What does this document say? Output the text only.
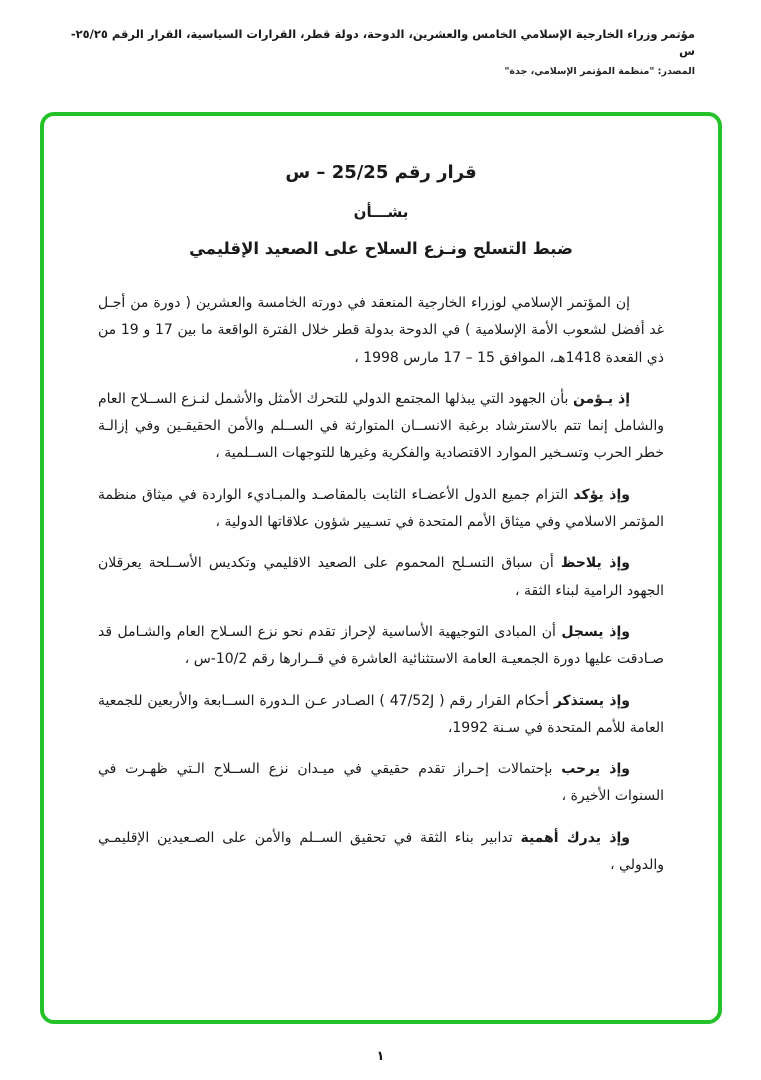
مؤتمر وزراء الخارجية الإسلامي الخامس والعشرين، الدوحة، دولة قطر، القرارات السياسية، القرار الرقم ٢٥/٢٥-س
المصدر: "منظمة المؤتمر الإسلامي، جدة"
قرار رقم 25/25 – س
بشـــأن
ضبط التسلح ونـزع السلاح على الصعيد الإقليمي

إن المؤتمر الإسلامي لوزراء الخارجية المنعقد في دورته الخامسة والعشرين ( دورة من أجـل غد أفضل لشعوب الأمة الإسلامية ) في الدوحة بدولة قطر خلال الفترة الواقعة ما بين 17 و 19 من ذي القعدة 1418هـ، الموافق 15 – 17 مارس 1998 ،

إذ يـؤمن بأن الجهود التي يبذلها المجتمع الدولي للتحرك الأمثل والأشمل لنـزع الســلاح العام والشامل إنما تتم بالاسترشاد برغبة الانســان المتوارثة في الســلم والأمن الحقيقـين وفي إزالـة خطر الحرب وتسـخير الموارد الاقتصادية والفكرية وغيرها للتوجهات الســلمية ،

وإذ يؤكد التزام جميع الدول الأعضـاء الثابت بالمقاصـد والمبـاديء الواردة في ميثاق منظمة المؤتمر الاسلامي وفي ميثاق الأمم المتحدة في تسـيير شؤون علاقاتها الدولية ،

وإذ يلاحظ أن سباق التسـلح المحموم على الصعيد الاقليمي وتكديس الأســلحة يعرقلان الجهود الرامية لبناء الثقة ،

وإذ يسجل أن المبادى التوجيهية الأساسية لإحراز تقدم نحو نزع السـلاح العام والشـامل قد صـادقت عليها دورة الجمعيـة العامة الاستثنائية العاشرة في قــرارها رقم 10/2-س ،

وإذ يستذكر أحكام القرار رقم ( 47/52J ) الصـادر عـن الـدورة الســابعة والأربعين للجمعية العامة للأمم المتحدة في سـنة 1992،

وإذ يرحب بإحتمالات إحـراز تقدم حقيقي في ميـدان نزع الســلاح الـتي ظهـرت في السنوات الأخيرة ،

وإذ يدرك أهمية تدابير بناء الثقة في تحقيق الســلم والأمن على الصـعيدين الإقليمـي والدولي ،

١
